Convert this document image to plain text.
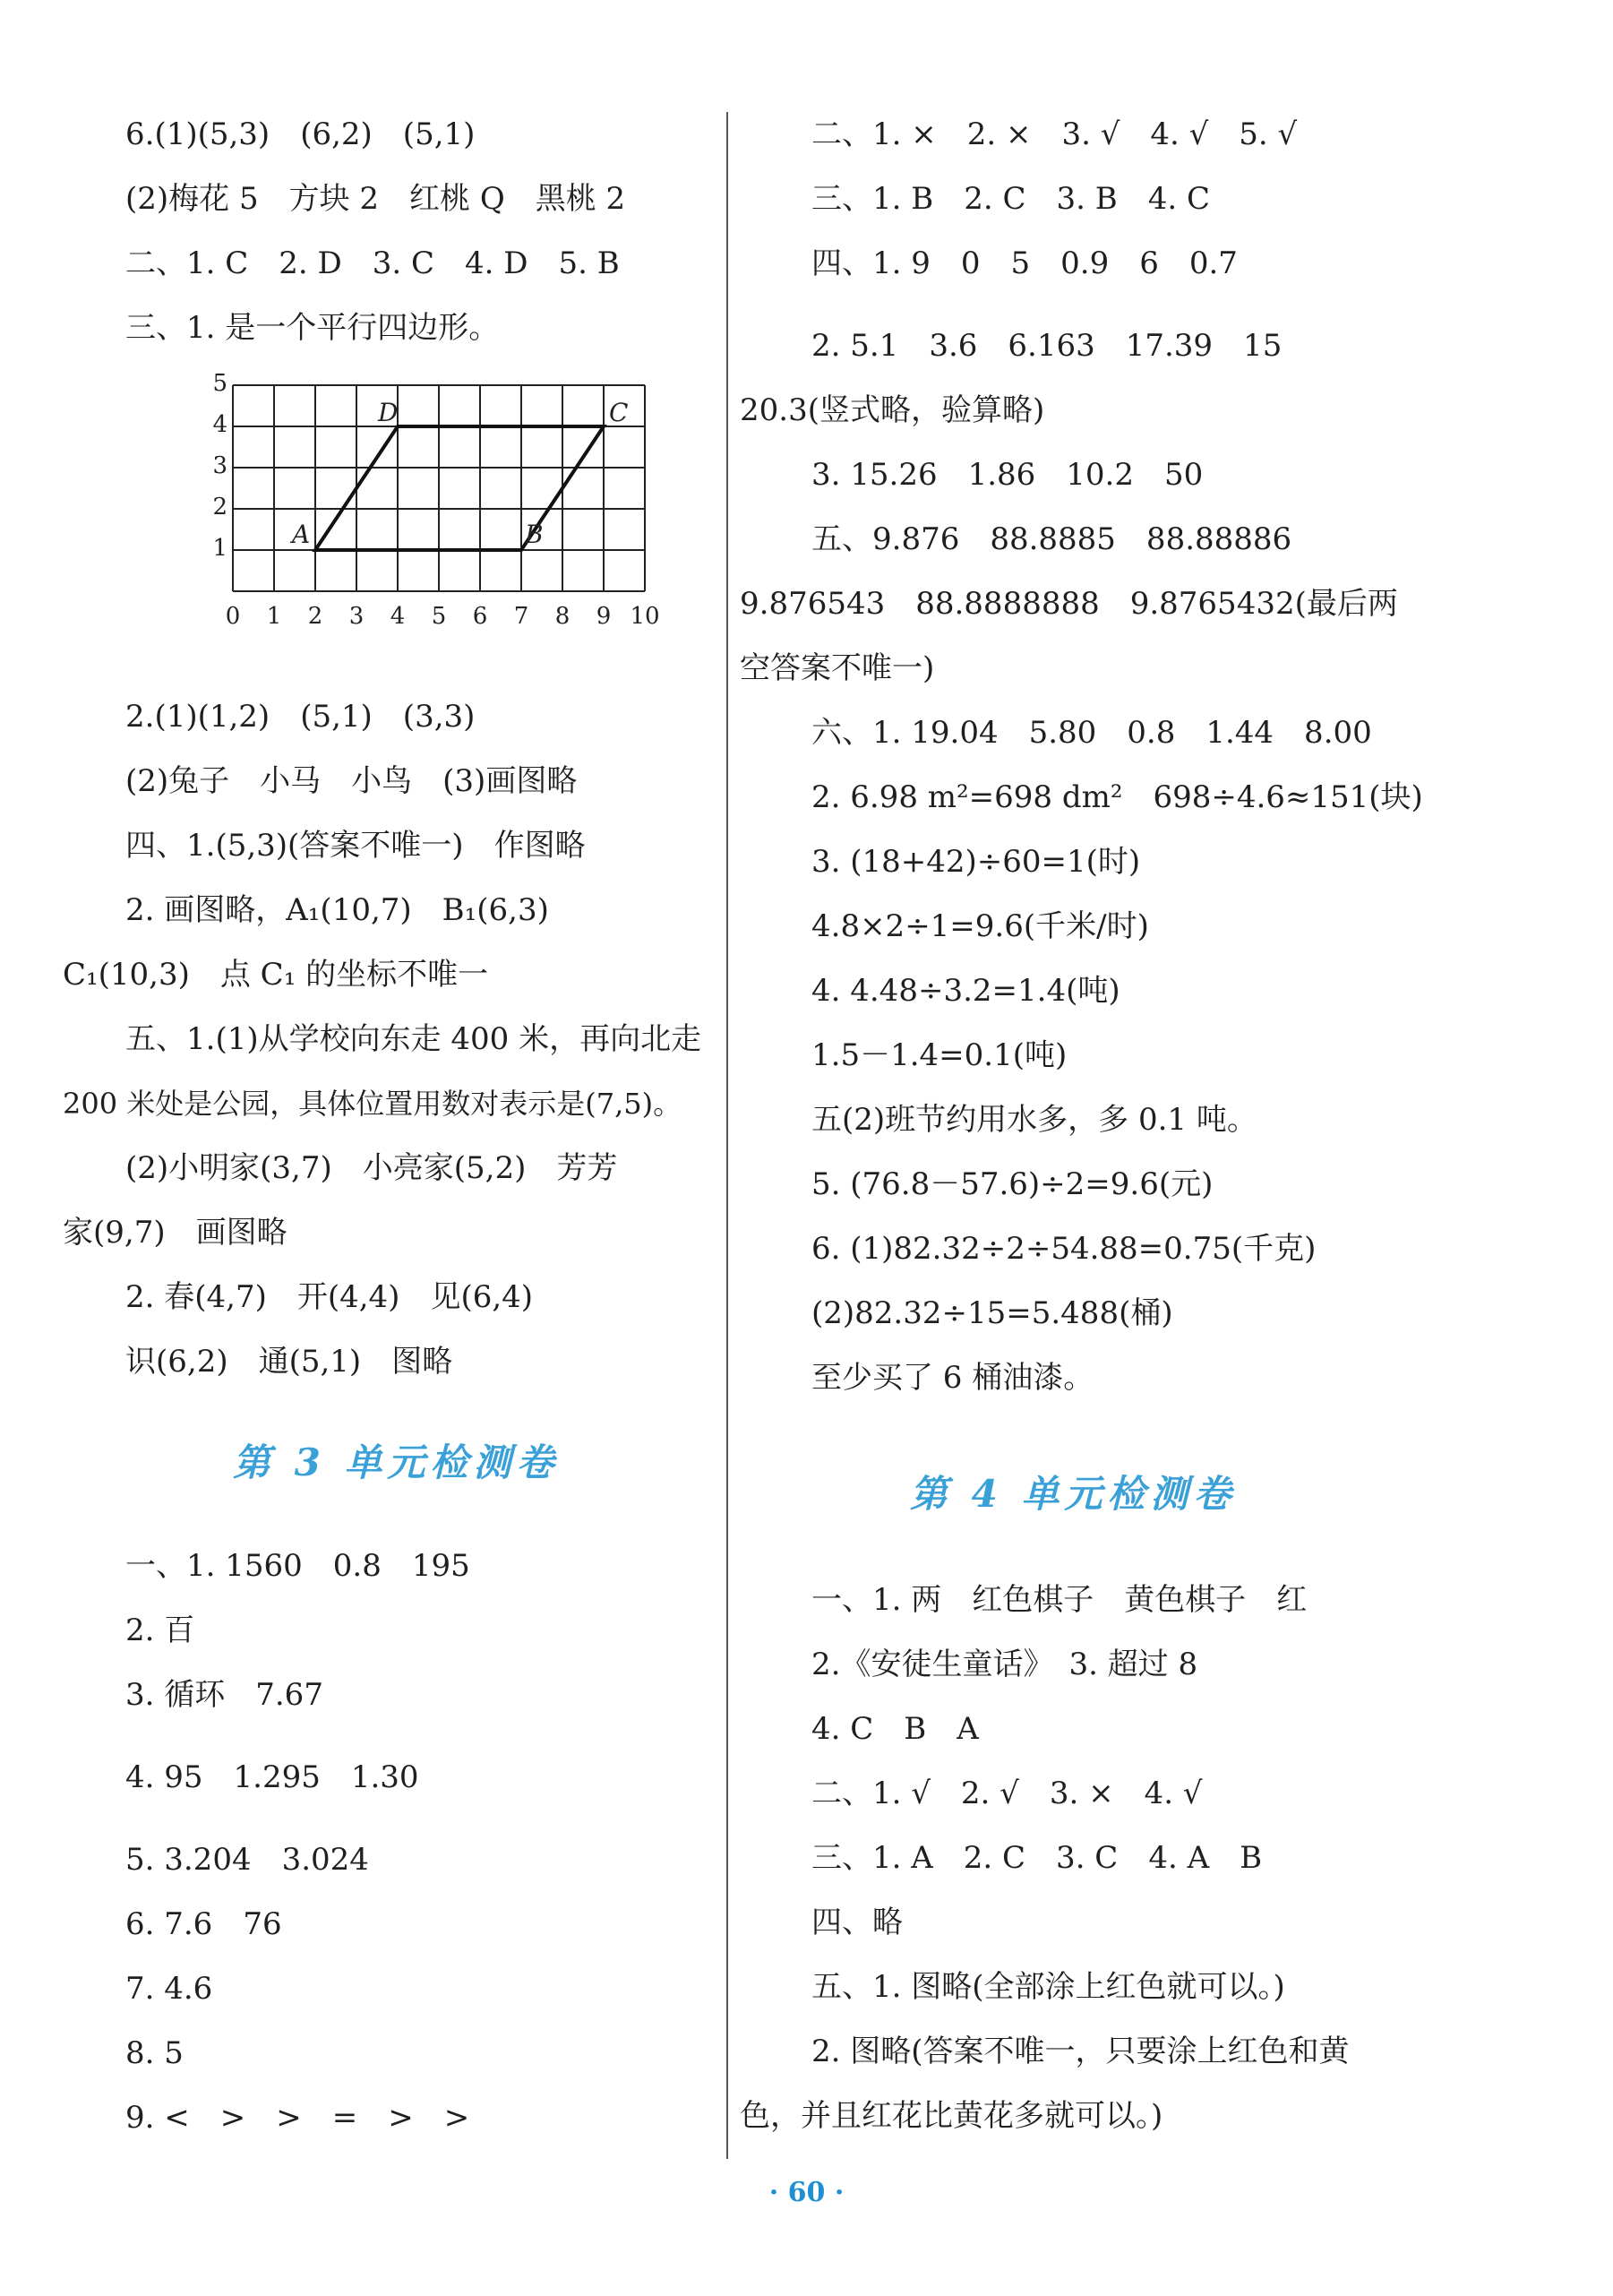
6.(1)(5,3)　(6,2)　(5,1)
(2)梅花 5　方块 2　红桃 Q　黑桃 2
二、1. C　2. D　3. C　4. D　5. B
三、1. 是一个平行四边形。
0 1 2 3 4 5 6 7 8 9 10
1
2
3
4
5
A	B
C
D
2.(1)(1,2)　(5,1)　(3,3)
(2)兔子　小马　小鸟　(3)画图略
四、1.(5,3)(答案不唯一)　作图略
2. 画图略，A₁(10,7)　B₁(6,3)
C₁(10,3)　点 C₁ 的坐标不唯一
五、1.(1)从学校向东走 400 米，再向北走
200 米处是公园，具体位置用数对表示是(7,5)。
(2)小明家(3,7)　小亮家(5,2)　芳芳
家(9,7)　画图略
2. 春(4,7)　开(4,4)　见(6,4)
识(6,2)　通(5,1)　图略
第 3 单元检测卷
一、1. 1560　0.8　195
2. 百
3. 循环　7.67
4. 95　1.295　1.30
5. 3.204　3.024
6. 7.6　76
7. 4.6
8. 5
9. <　>　>　=　>　>
二、1. ×　2. ×　3. √　4. √　5. √
三、1. B　2. C　3. B　4. C
四、1. 9　0　5　0.9　6　0.7
2. 5.1　3.6　6.163　17.39　15
20.3(竖式略，验算略)
3. 15.26　1.86　10.2　50
五、9.876　88.8885　88.88886
9.876543　88.8888888　9.8765432(最后两
空答案不唯一)
六、1. 19.04　5.80　0.8　1.44　8.00
2. 6.98 m²=698 dm²　698÷4.6≈151(块)
3. (18+42)÷60=1(时)
4.8×2÷1=9.6(千米/时)
4. 4.48÷3.2=1.4(吨)
1.5－1.4=0.1(吨)
五(2)班节约用水多，多 0.1 吨。
5. (76.8－57.6)÷2=9.6(元)
6. (1)82.32÷2÷54.88=0.75(千克)
(2)82.32÷15=5.488(桶)
至少买了 6 桶油漆。
第 4 单元检测卷
一、1. 两　红色棋子　黄色棋子　红
2.《安徒生童话》　3. 超过 8
4. C　B　A
二、1. √　2. √　3. ×　4. √
三、1. A　2. C　3. C　4. A　B
四、略
五、1. 图略(全部涂上红色就可以。)
2. 图略(答案不唯一，只要涂上红色和黄
色，并且红花比黄花多就可以。)
· 60 ·
